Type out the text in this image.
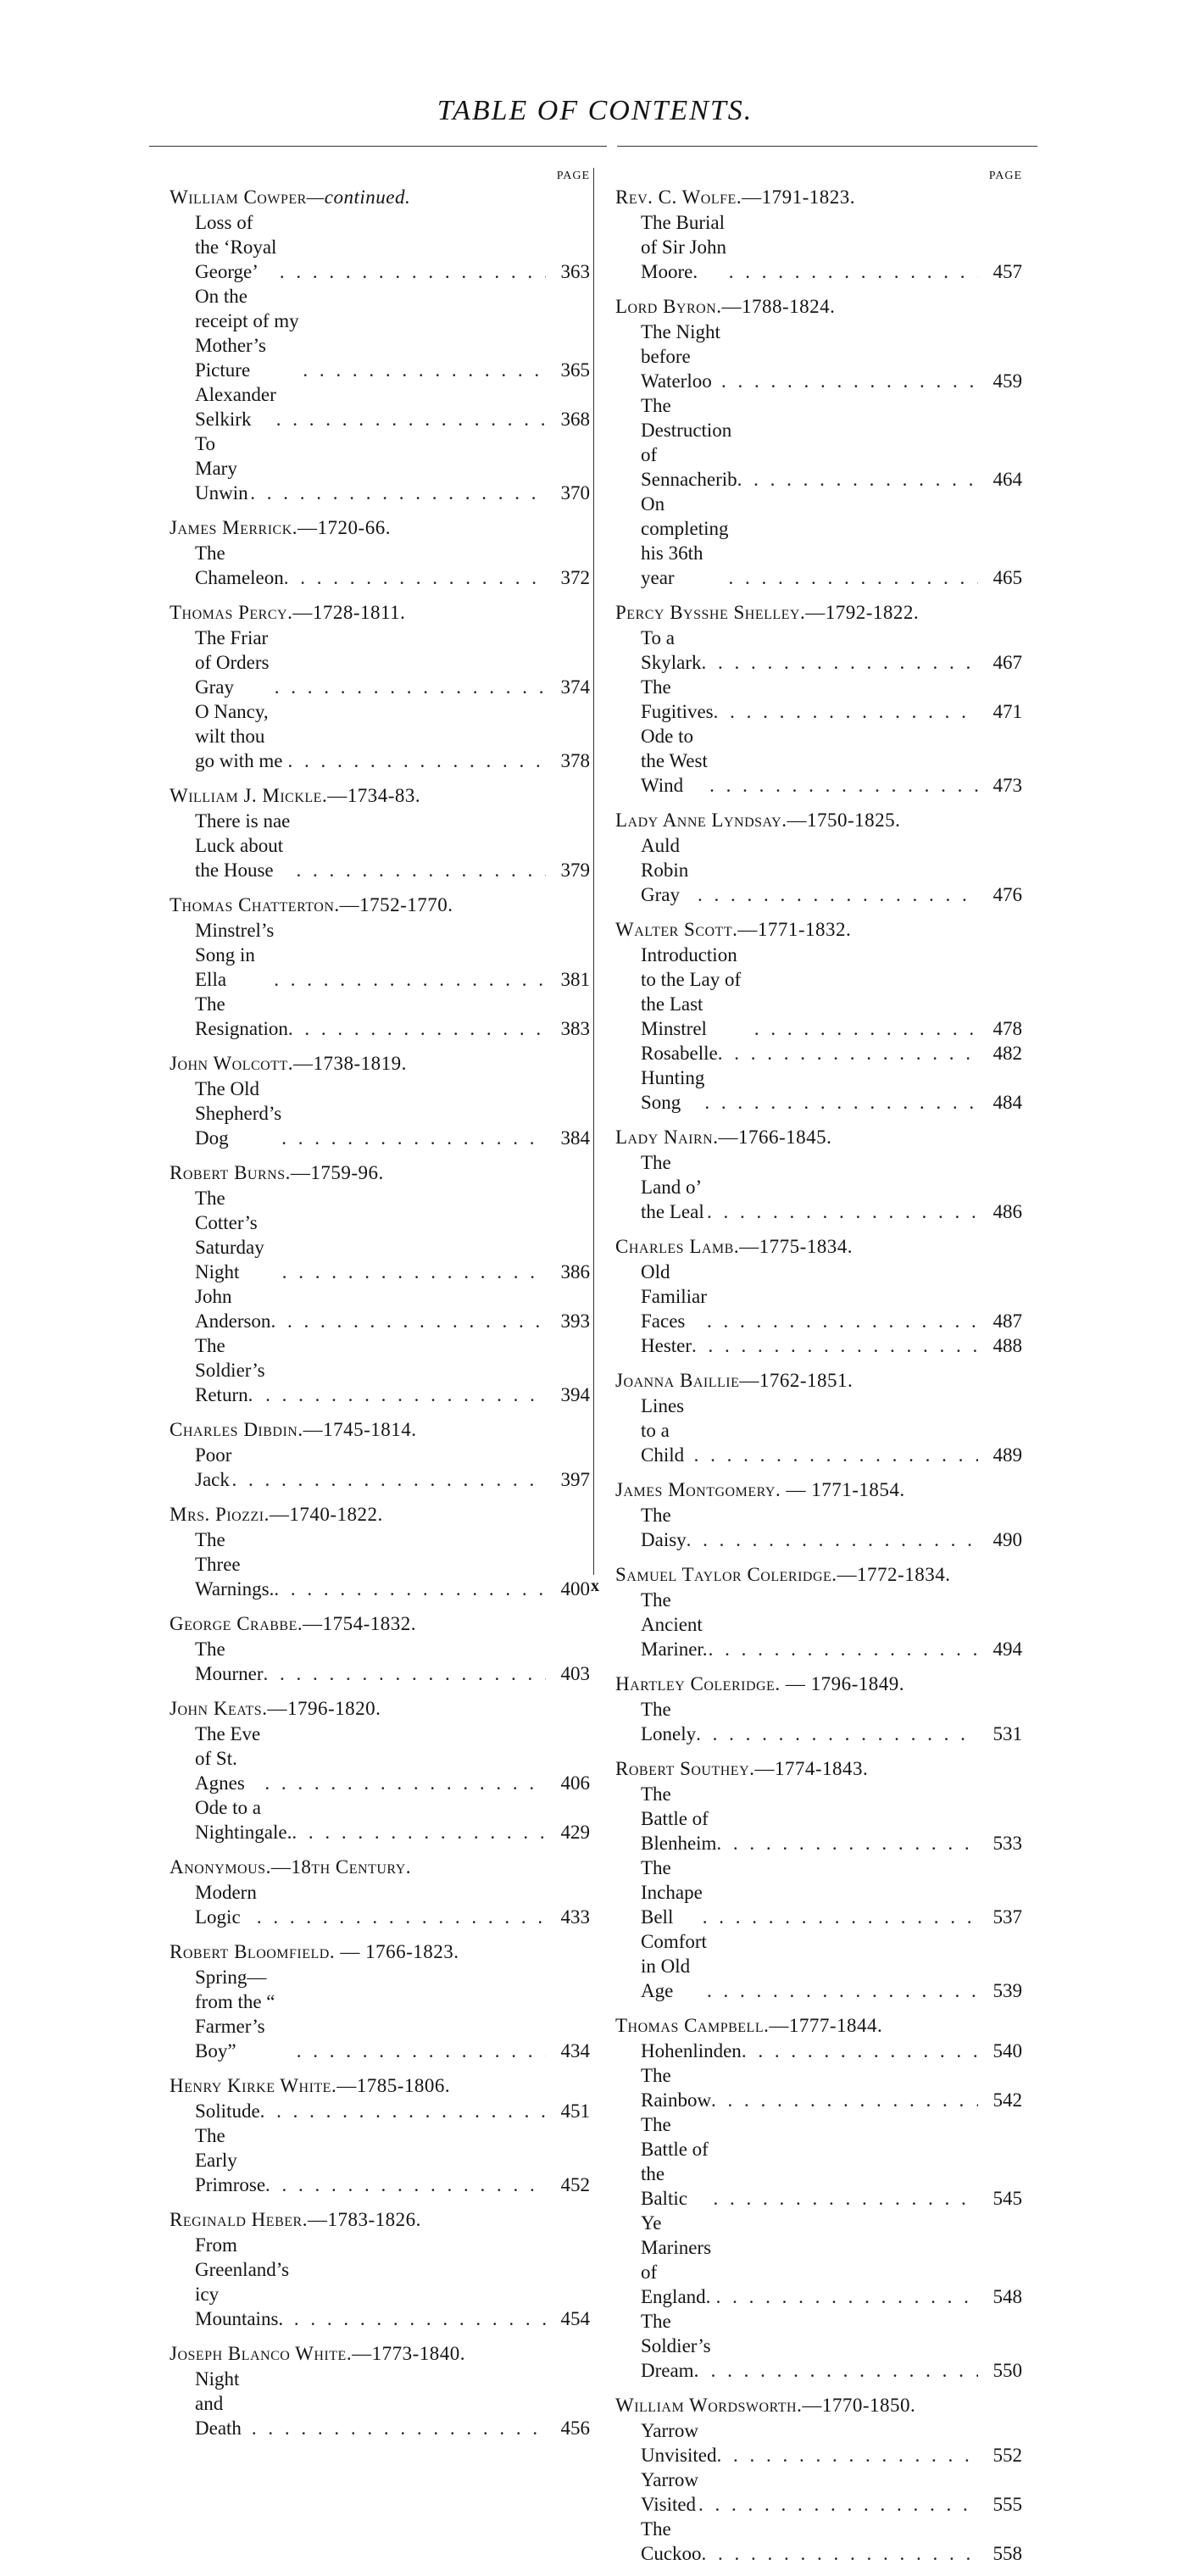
TABLE OF CONTENTS.
PAGE
William Cowper—continued.
Loss of the ‘Royal George’ . . .	363
On the receipt of my Mother’s Picture . . .	365
Alexander Selkirk . . .	368
To Mary Unwin . . .	370
James Merrick.—1720-66.
The Chameleon . . .	372
Thomas Percy.—1728-1811.
The Friar of Orders Gray . . .	374
O Nancy, wilt thou go with me . . .	378
William J. Mickle.—1734-83.
There is nae Luck about the House . . .	379
Thomas Chatterton.—1752-1770.
Minstrel’s Song in Ella . . .	381
The Resignation . . .	383
John Wolcott.—1738-1819.
The Old Shepherd’s Dog . . .	384
Robert Burns.—1759-96.
The Cotter’s Saturday Night . . .	386
John Anderson . . .	393
The Soldier’s Return. . . .	394
Charles Dibdin.—1745-1814.
Poor Jack . . .	397
Mrs. Piozzi.—1740-1822.
The Three Warnings. . . .	400
George Crabbe.—1754-1832.
The Mourner . . .	403
John Keats.—1796-1820.
The Eve of St. Agnes . . .	406
Ode to a Nightingale. . . .	429
Anonymous.—18th Century.
Modern Logic . . .	433
Robert Bloomfield. — 1766-1823.
Spring—from the “ Farmer’s Boy” . . .	434
Henry Kirke White.—1785-1806.
Solitude . . .	451
The Early Primrose . . .	452
Reginald Heber.—1783-1826.
From Greenland’s icy Mountains. . . .	454
Joseph Blanco White.—1773-1840.
Night and Death . . .	456
PAGE
Rev. C. Wolfe.—1791-1823.
The Burial of Sir John Moore. . . .	457
Lord Byron.—1788-1824.
The Night before Waterloo . . .	459
The Destruction of Sennacherib . . .	464
On completing his 36th year . . .	465
Percy Bysshe Shelley.—1792-1822.
To a Skylark . . .	467
The Fugitives . . .	471
Ode to the West Wind . . .	473
Lady Anne Lyndsay.—1750-1825.
Auld Robin Gray . . .	476
Walter Scott.—1771-1832.
Introduction to the Lay of the Last Minstrel . . .	478
Rosabelle . . .	482
Hunting Song . . .	484
Lady Nairn.—1766-1845.
The Land o’ the Leal . . .	486
Charles Lamb.—1775-1834.
Old Familiar Faces . . .	487
Hester . . .	488
Joanna Baillie—1762-1851.
Lines to a Child . . .	489
James Montgomery. — 1771-1854.
The Daisy . . .	490
Samuel Taylor Coleridge.—1772-1834.
The Ancient Mariner. . . .	494
Hartley Coleridge. — 1796-1849.
The Lonely . . .	531
Robert Southey.—1774-1843.
The Battle of Blenheim . . .	533
The Inchape Bell . . .	537
Comfort in Old Age . . .	539
Thomas Campbell.—1777-1844.
Hohenlinden . . .	540
The Rainbow . . .	542
The Battle of the Baltic . . .	545
Ye Mariners of England. . . .	548
The Soldier’s Dream. . . .	550
William Wordsworth.—1770-1850.
Yarrow Unvisited . . .	552
Yarrow Visited . . .	555
The Cuckoo . . .	558
x
